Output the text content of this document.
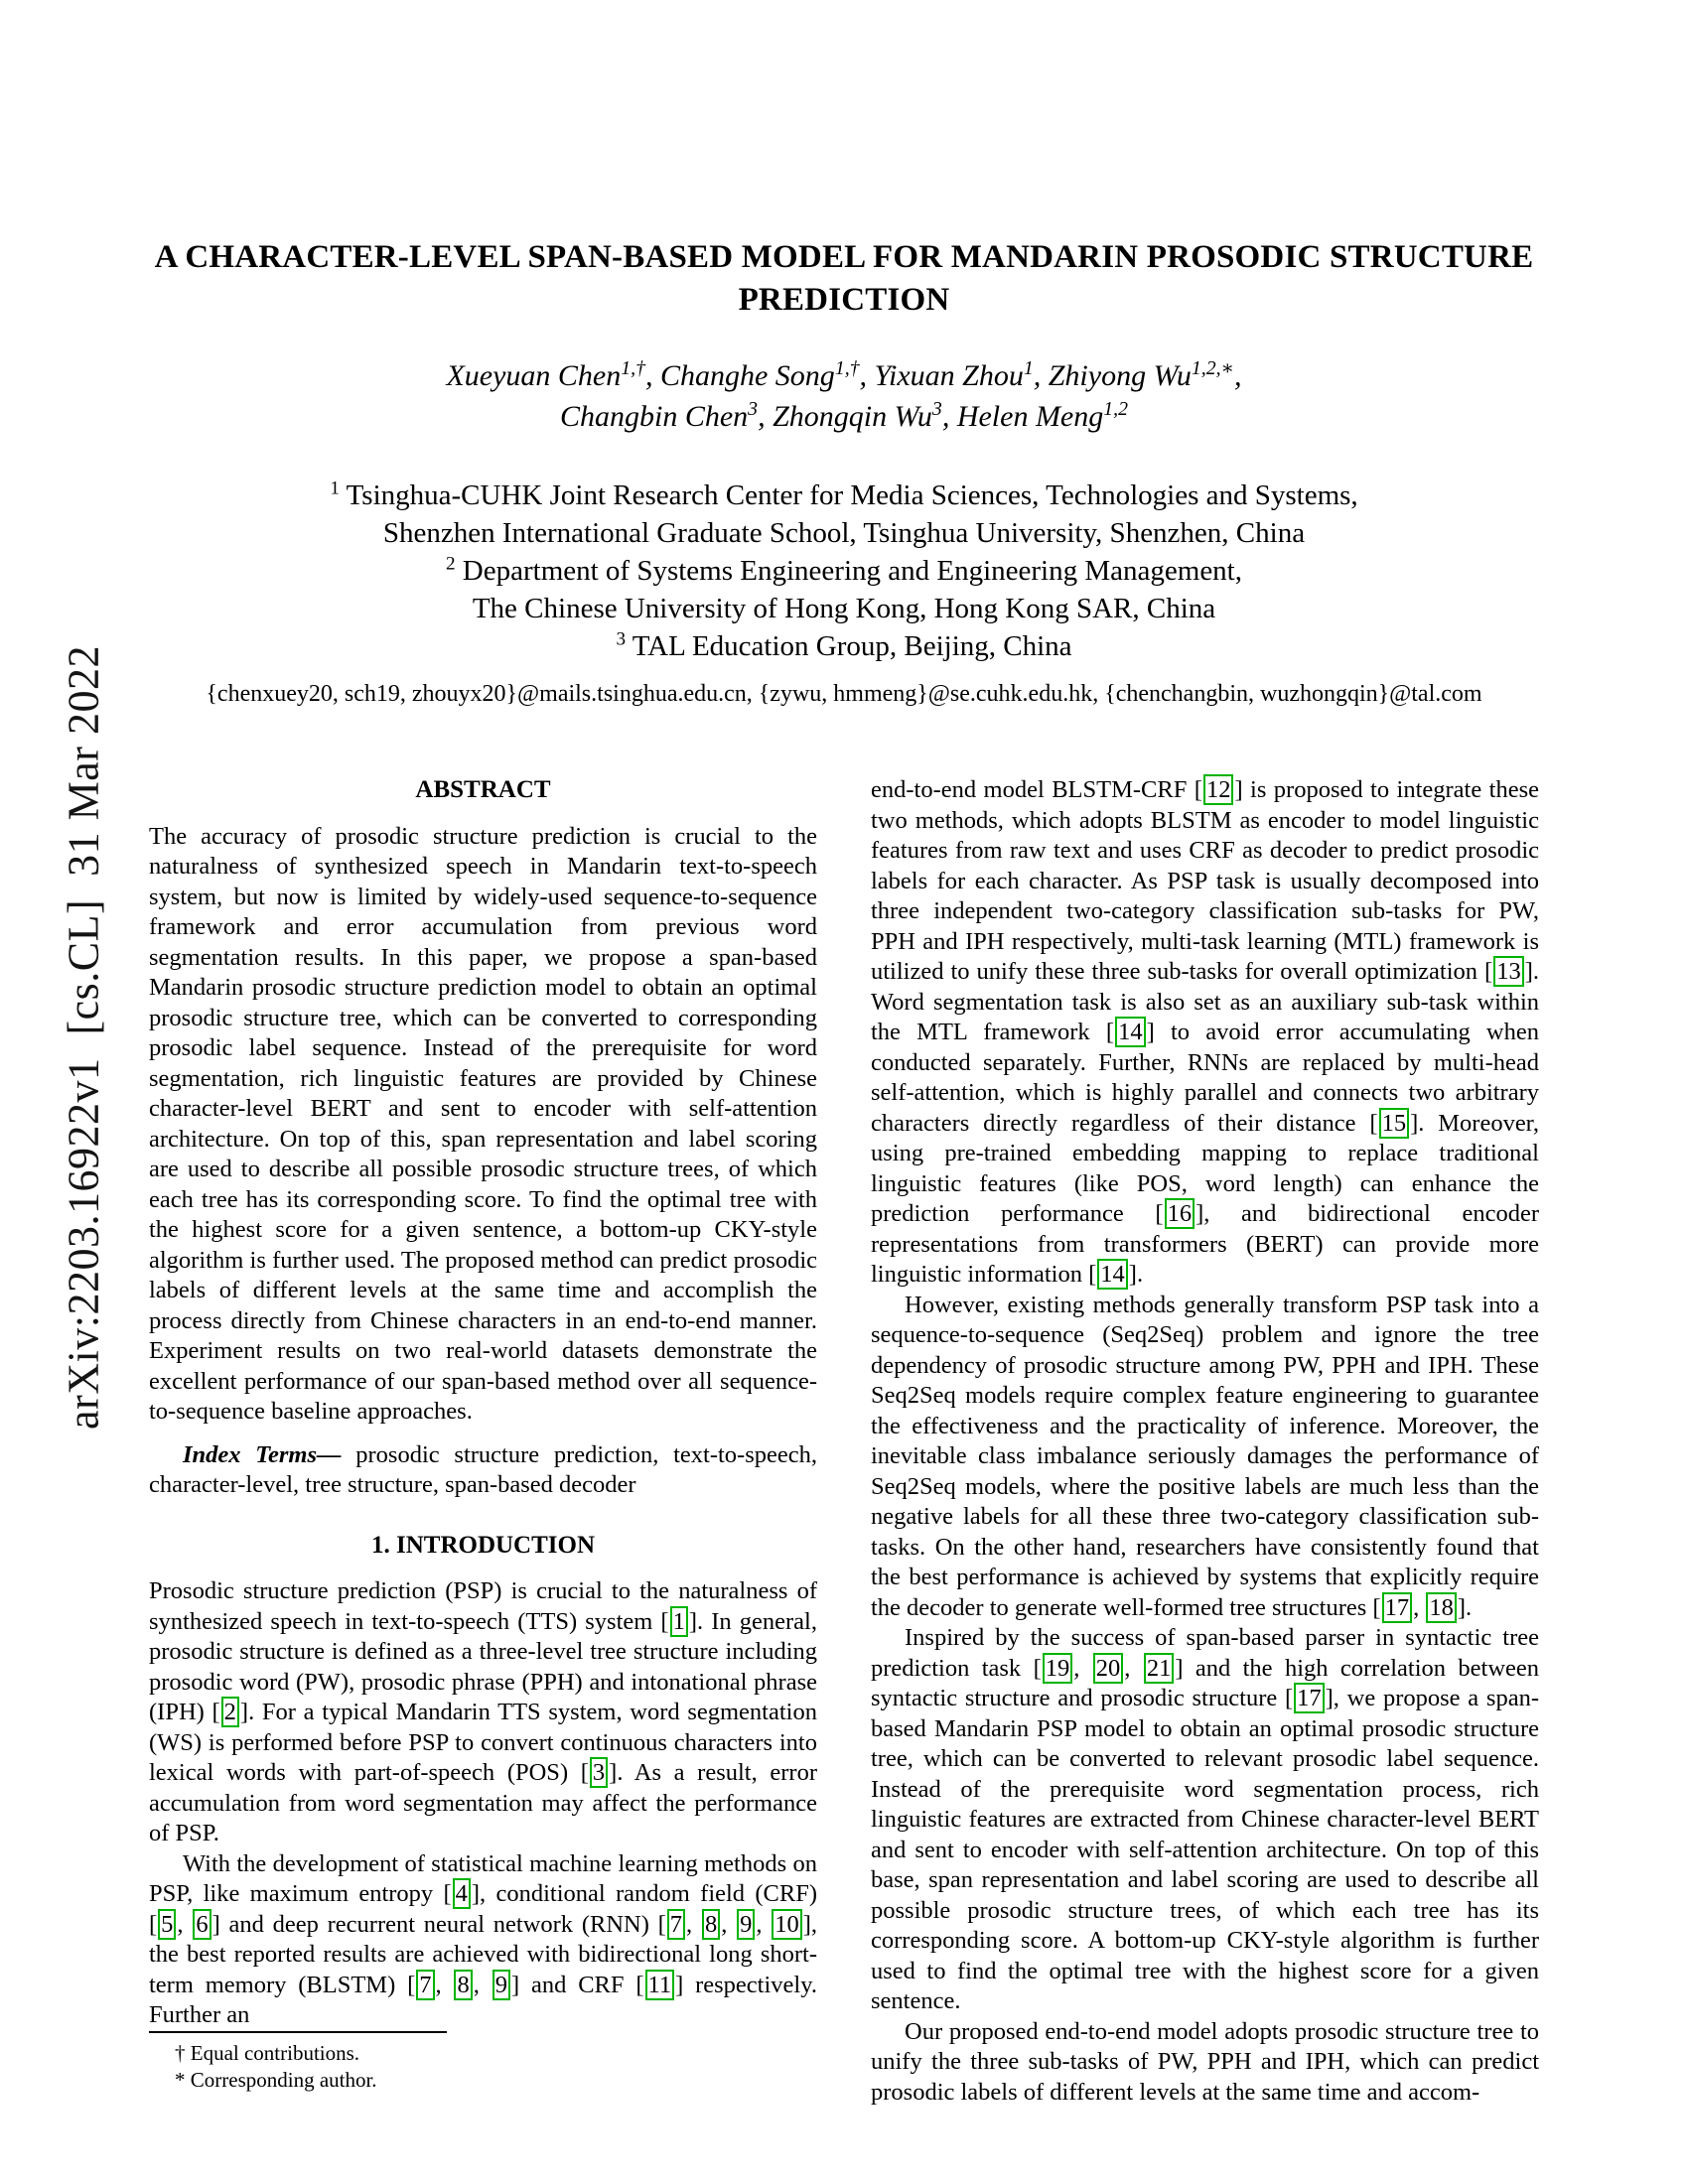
arXiv:2203.16922v1  [cs.CL]  31 Mar 2022
A CHARACTER-LEVEL SPAN-BASED MODEL FOR MANDARIN PROSODIC STRUCTURE
PREDICTION
Xueyuan Chen$^{1,\dagger}$, Changhe Song$^{1,\dagger}$, Yixuan Zhou$^1$, Zhiyong $Wu^{1,2,∗}$,
Changbin Chen$^3$, Zhongqin Wu$^3$, Helen Meng$^{1,2}$
$^1$ Tsinghua-CUHK Joint Research Center for Media Sciences, Technologies and Systems,
Shenzhen International Graduate School, Tsinghua University, Shenzhen, China
$^2$ Department of Systems Engineering and Engineering Management,
The Chinese University of Hong Kong, Hong Kong SAR, China
$^3$ TAL Education Group, Beijing, China
{chenxuey20, sch19, zhouyx20}@mails.tsinghua.edu.cn, {zywu, hmmeng}@se.cuhk.edu.hk, {chenchangbin, wuzhongqin}@tal.com
ABSTRACT

The accuracy of prosodic structure prediction is crucial to the naturalness of synthesized speech in Mandarin text-to-speech system, but now is limited by widely-used sequence-to-sequence framework and error accumulation from previous word segmentation results. In this paper, we propose a span-based Mandarin prosodic structure prediction model to obtain an optimal prosodic structure tree, which can be converted to corresponding prosodic label sequence. Instead of the prerequisite for word segmentation, rich linguistic features are provided by Chinese character-level BERT and sent to encoder with self-attention architecture. On top of this, span representation and label scoring are used to describe all possible prosodic structure trees, of which each tree has its corresponding score. To find the optimal tree with the highest score for a given sentence, a bottom-up CKY-style algorithm is further used. The proposed method can predict prosodic labels of different levels at the same time and accomplish the process directly from Chinese characters in an end-to-end manner. Experiment results on two real-world datasets demonstrate the excellent performance of our span-based method over all sequence-to-sequence baseline approaches.

Index Terms— prosodic structure prediction, text-to-speech, character-level, tree structure, span-based decoder

1. INTRODUCTION

Prosodic structure prediction (PSP) is crucial to the naturalness of synthesized speech in text-to-speech (TTS) system [ 1 ]. In general, prosodic structure is defined as a three-level tree structure including prosodic word (PW), prosodic phrase (PPH) and intonational phrase (IPH) [ 2 ]. For a typical Mandarin TTS system, word segmentation (WS) is performed before PSP to convert continuous characters into lexical words with part-of-speech (POS) [ 3 ]. As a result, error accumulation from word segmentation may affect the performance of PSP.

With the development of statistical machine learning methods on PSP, like maximum entropy [ 4 ], conditional random field (CRF) [ 5 , 6 ] and deep recurrent neural network (RNN) [ 7 , 8 , 9 , 10 ], the best reported results are achieved with bidirectional long short-term memory (BLSTM) [ 7 , 8 , 9 ] and CRF [ 11 ] respectively. Further an

† Equal contributions.
* Corresponding author.

end-to-end model BLSTM-CRF [ 12 ] is proposed to integrate these two methods, which adopts BLSTM as encoder to model linguistic features from raw text and uses CRF as decoder to predict prosodic labels for each character. As PSP task is usually decomposed into three independent two-category classification sub-tasks for PW, PPH and IPH respectively, multi-task learning (MTL) framework is utilized to unify these three sub-tasks for overall optimization [ 13 ]. Word segmentation task is also set as an auxiliary sub-task within the MTL framework [ 14 ] to avoid error accumulating when conducted separately. Further, RNNs are replaced by multi-head self-attention, which is highly parallel and connects two arbitrary characters directly regardless of their distance [ 15 ]. Moreover, using pre-trained embedding mapping to replace traditional linguistic features (like POS, word length) can enhance the prediction performance [ 16 ], and bidirectional encoder representations from transformers (BERT) can provide more linguistic information [ 14 ].

However, existing methods generally transform PSP task into a sequence-to-sequence (Seq2Seq) problem and ignore the tree dependency of prosodic structure among PW, PPH and IPH. These Seq2Seq models require complex feature engineering to guarantee the effectiveness and the practicality of inference. Moreover, the inevitable class imbalance seriously damages the performance of Seq2Seq models, where the positive labels are much less than the negative labels for all these three two-category classification sub-tasks. On the other hand, researchers have consistently found that the best performance is achieved by systems that explicitly require the decoder to generate well-formed tree structures [ 17 , 18 ].

Inspired by the success of span-based parser in syntactic tree prediction task [ 19 , 20 , 21 ] and the high correlation between syntactic structure and prosodic structure [ 17 ], we propose a span-based Mandarin PSP model to obtain an optimal prosodic structure tree, which can be converted to relevant prosodic label sequence. Instead of the prerequisite word segmentation process, rich linguistic features are extracted from Chinese character-level BERT and sent to encoder with self-attention architecture. On top of this base, span representation and label scoring are used to describe all possible prosodic structure trees, of which each tree has its corresponding score. A bottom-up CKY-style algorithm is further used to find the optimal tree with the highest score for a given sentence.

Our proposed end-to-end model adopts prosodic structure tree to unify the three sub-tasks of PW, PPH and IPH, which can predict prosodic labels of different levels at the same time and accom-
